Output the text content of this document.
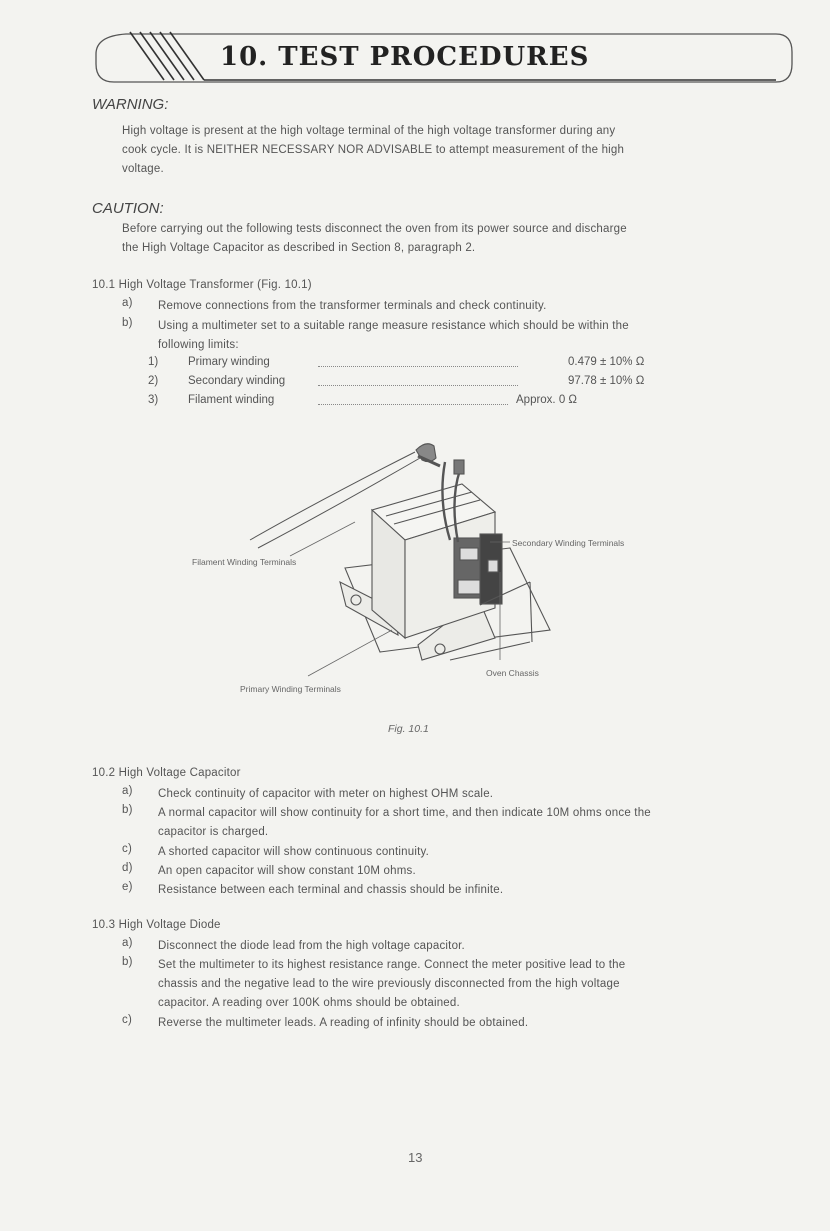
10. TEST PROCEDURES
WARNING:
High voltage is present at the high voltage terminal of the high voltage transformer during any
cook cycle. It is NEITHER NECESSARY NOR ADVISABLE to attempt measurement of the high
voltage.
CAUTION:
Before carrying out the following tests disconnect the oven from its power source and discharge
the High Voltage Capacitor as described in Section 8, paragraph 2.
10.1 High Voltage Transformer (Fig. 10.1)
a) Remove connections from the transformer terminals and check continuity.
b) Using a multimeter set to a suitable range measure resistance which should be within the
following limits:
1)	Primary winding	0.479 ± 10% Ω
2)	Secondary winding	97.78 ± 10% Ω
3)	Filament winding	Approx. 0 Ω
Filament Winding Terminals
Secondary Winding Terminals
Primary Winding Terminals
Oven Chassis
Fig. 10.1
10.2 High Voltage Capacitor
a) Check continuity of capacitor with meter on highest OHM scale.
b) A normal capacitor will show continuity for a short time, and then indicate 10M ohms once the
capacitor is charged.
c) A shorted capacitor will show continuous continuity.
d) An open capacitor will show constant 10M ohms.
e) Resistance between each terminal and chassis should be infinite.
10.3 High Voltage Diode
a) Disconnect the diode lead from the high voltage capacitor.
b) Set the multimeter to its highest resistance range. Connect the meter positive lead to the
chassis and the negative lead to the wire previously disconnected from the high voltage
capacitor. A reading over 100K ohms should be obtained.
c) Reverse the multimeter leads. A reading of infinity should be obtained.
13
